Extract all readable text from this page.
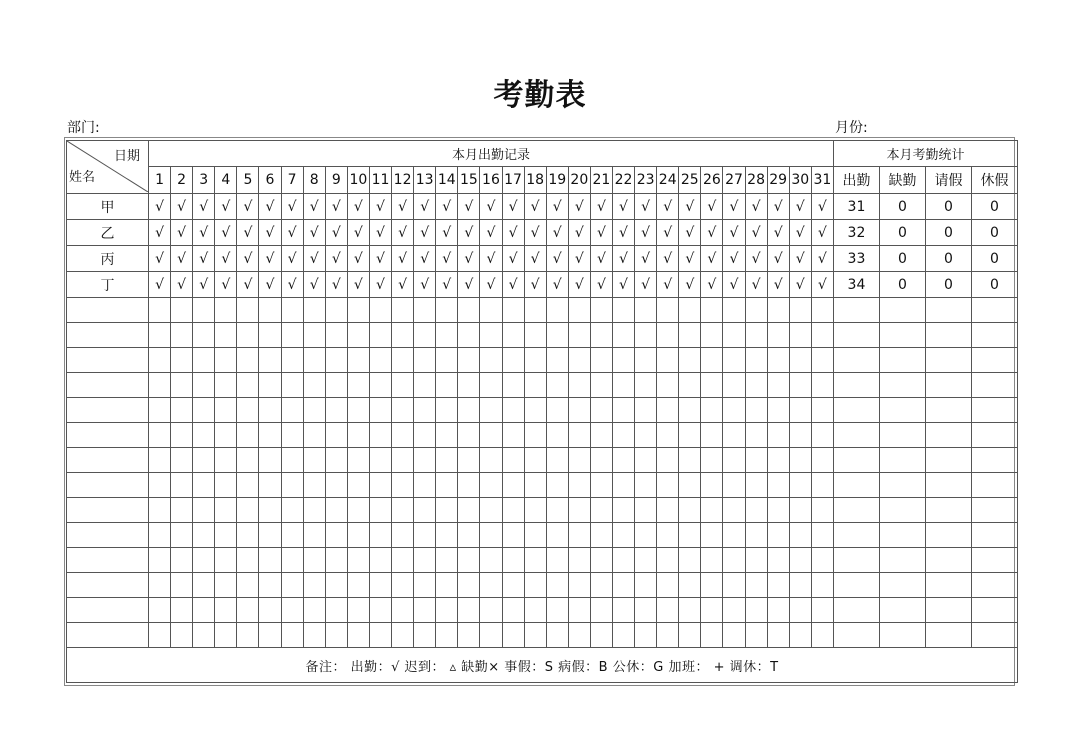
考勤表
部门:	月份:
日期
姓名	本月出勤记录																															本月考勤统计			
	1	2	3	4	5	6	7	8	9	10	11	12	13	14	15	16	17	18	19	20	21	22	23	24	25	26	27	28	29	30	31	出勤	缺勤	请假	休假
甲	√	√	√	√	√	√	√	√	√	√	√	√	√	√	√	√	√	√	√	√	√	√	√	√	√	√	√	√	√	√	√	31	0	0	0
乙	√	√	√	√	√	√	√	√	√	√	√	√	√	√	√	√	√	√	√	√	√	√	√	√	√	√	√	√	√	√	√	32	0	0	0
丙	√	√	√	√	√	√	√	√	√	√	√	√	√	√	√	√	√	√	√	√	√	√	√	√	√	√	√	√	√	√	√	33	0	0	0
丁	√	√	√	√	√	√	√	√	√	√	√	√	√	√	√	√	√	√	√	√	√	√	√	√	√	√	√	√	√	√	√	34	0	0	0

备注： 出勤：√ 迟到： ▵ 缺勤× 事假：S 病假：B 公休：G 加班： + 调休：T																																			
